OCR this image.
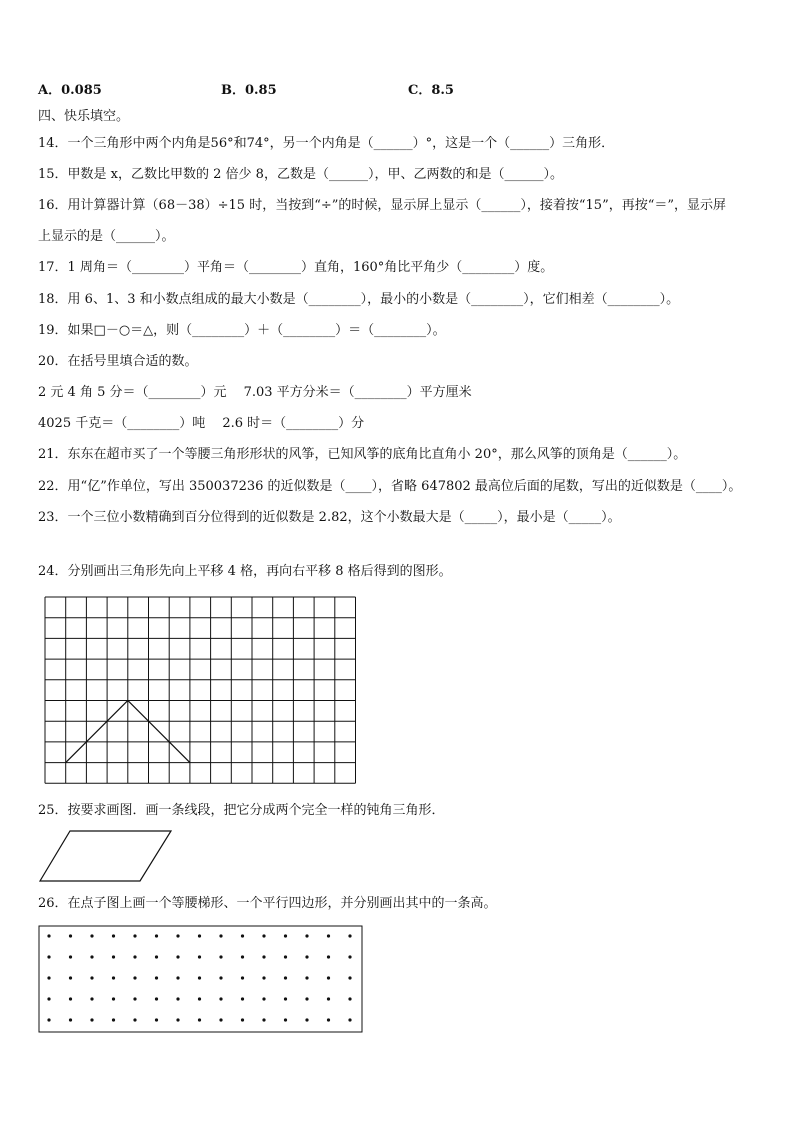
A．0.085	B．0.85	C．8.5
四、快乐填空。
14．一个三角形中两个内角是56°和74°，另一个内角是（______）°，这是一个（______）三角形．
15．甲数是 x，乙数比甲数的 2 倍少 8，乙数是（______），甲、乙两数的和是（______）。
16．用计算器计算（68－38）÷15 时，当按到“÷”的时候，显示屏上显示（______），接着按“15”，再按“＝”，显示屏
上显示的是（______）。
17．1 周角＝（________）平角＝（________）直角，160°角比平角少（________）度。
18．用 6、1、3 和小数点组成的最大小数是（________），最小的小数是（________），它们相差（________）。
19．如果□－○＝△，则（________）＋（________）＝（________）。
20．在括号里填合适的数。
2 元 4 角 5 分＝（________）元　 7.03 平方分米＝（________）平方厘米
4025 千克＝（________）吨　 2.6 时＝（________）分
21．东东在超市买了一个等腰三角形形状的风筝，已知风筝的底角比直角小 20°，那么风筝的顶角是（______）。
22．用“亿”作单位，写出 350037236 的近似数是（____），省略 647802 最高位后面的尾数，写出的近似数是（____）。
23．一个三位小数精确到百分位得到的近似数是 2.82，这个小数最大是（_____），最小是（_____）。
24．分别画出三角形先向上平移 4 格，再向右平移 8 格后得到的图形。
25．按要求画图．画一条线段，把它分成两个完全一样的钝角三角形．
26．在点子图上画一个等腰梯形、一个平行四边形，并分别画出其中的一条高。
